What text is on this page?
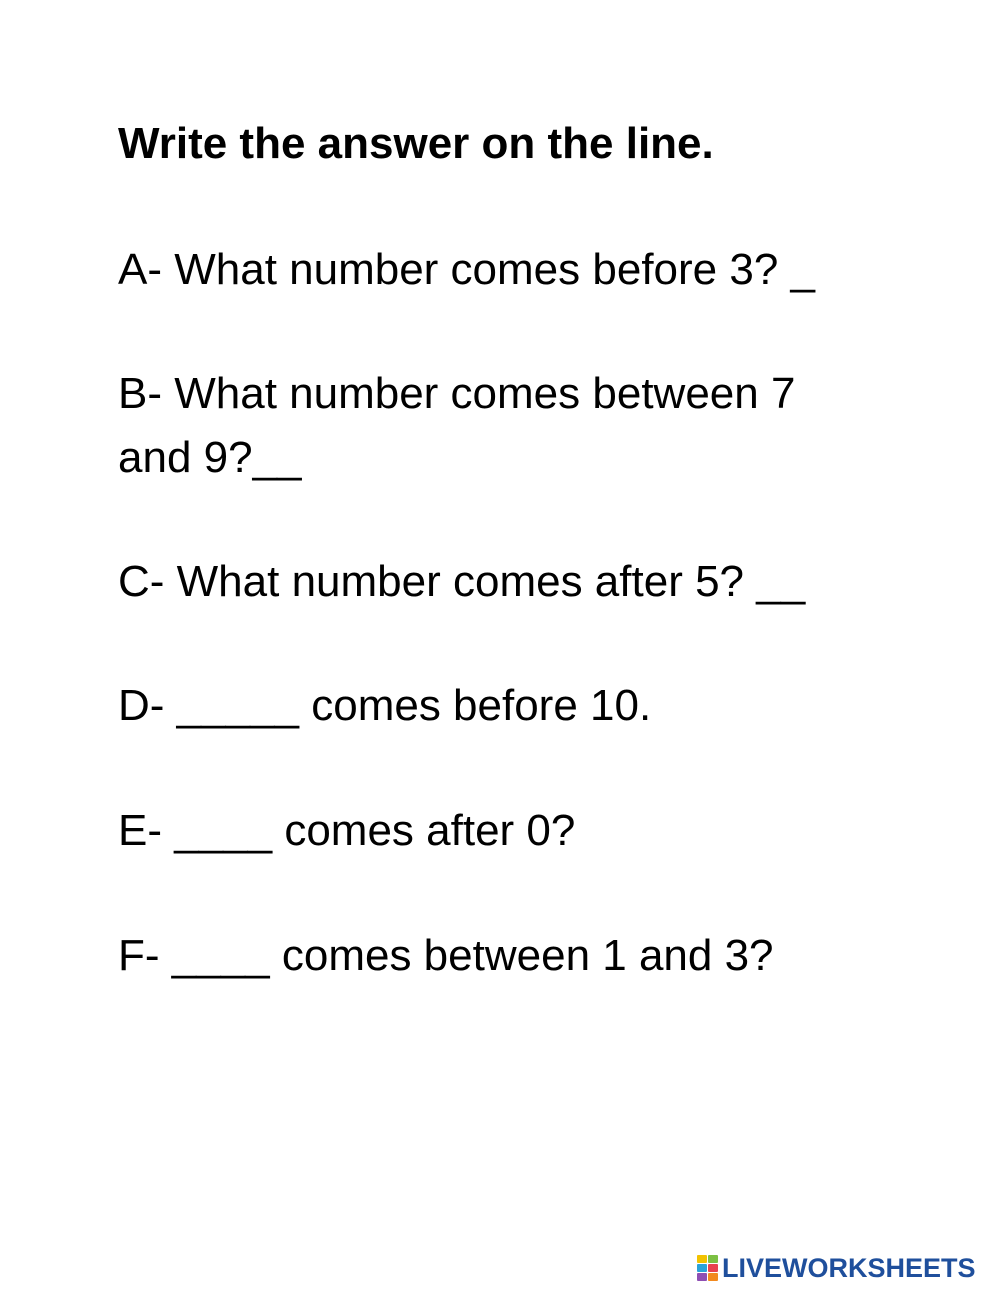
Write the answer on the line.

A- What number comes before 3? _

B- What number comes between 7
and 9?__

C- What number comes after 5? __

D- _____ comes before 10.

E- ____ comes after 0?

F- ____ comes between 1 and 3?

LIVEWORKSHEETS
